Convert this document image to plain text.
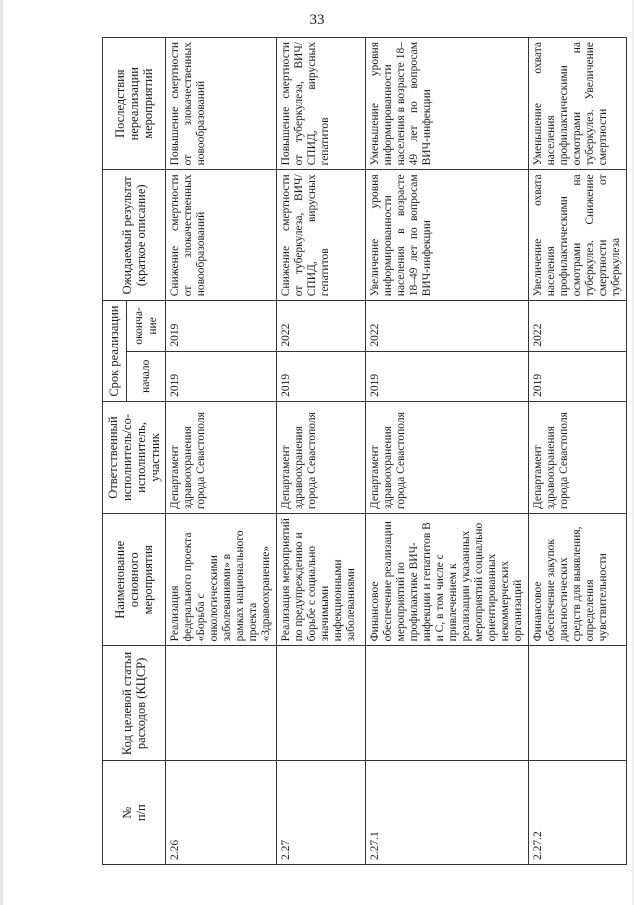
33
№
п/п	Код целевой статьи расходов (КЦСР)	Наименование основного мероприятия	Ответственный исполнитель/со-исполнитель, участник	Срок реализации		Ожидаемый результат (краткое описание)	Последствия нереализации мероприятий
				начало	оконча-ние		
2.26		Реализация федерального проекта «Борьба с онкологическими заболеваниями» в рамках национального проекта «Здравоохранение»	Департамент здравоохранения города Севастополя	2019	2019	Снижение смертности от злокачественных новообразований	Повышение смертности от злокачественных новообразований
2.27		Реализация мероприятий по предупреждению и борьбе с социально значимыми инфекционными заболеваниями	Департамент здравоохранения города Севастополя	2019	2022	Снижение смертности от туберкулеза, ВИЧ/СПИД, вирусных гепатитов	Повышение смертности от туберкулеза, ВИЧ/СПИД, вирусных гепатитов
2.27.1		Финансовое обеспечение реализации мероприятий по профилактике ВИЧ-инфекции и гепатитов В и С, в том числе с привлечением к реализации указанных мероприятий социально ориентированных некоммерческих организаций	Департамент здравоохранения города Севастополя	2019	2022	Увеличение уровня информированности населения в возрасте 18–49 лет по вопросам ВИЧ-инфекции	Уменьшение уровня информированности населения в возрасте 18–49 лет по вопросам ВИЧ-инфекции
2.27.2		Финансовое обеспечение закупок диагностических средств для выявления, определения чувствительности	Департамент здравоохранения города Севастополя	2019	2022	Увеличение охвата населения профилактическими осмотрами на туберкулез. Снижение смертности от туберкулеза	Уменьшение охвата населения профилактическими осмотрами на туберкулез. Увеличение смертности
